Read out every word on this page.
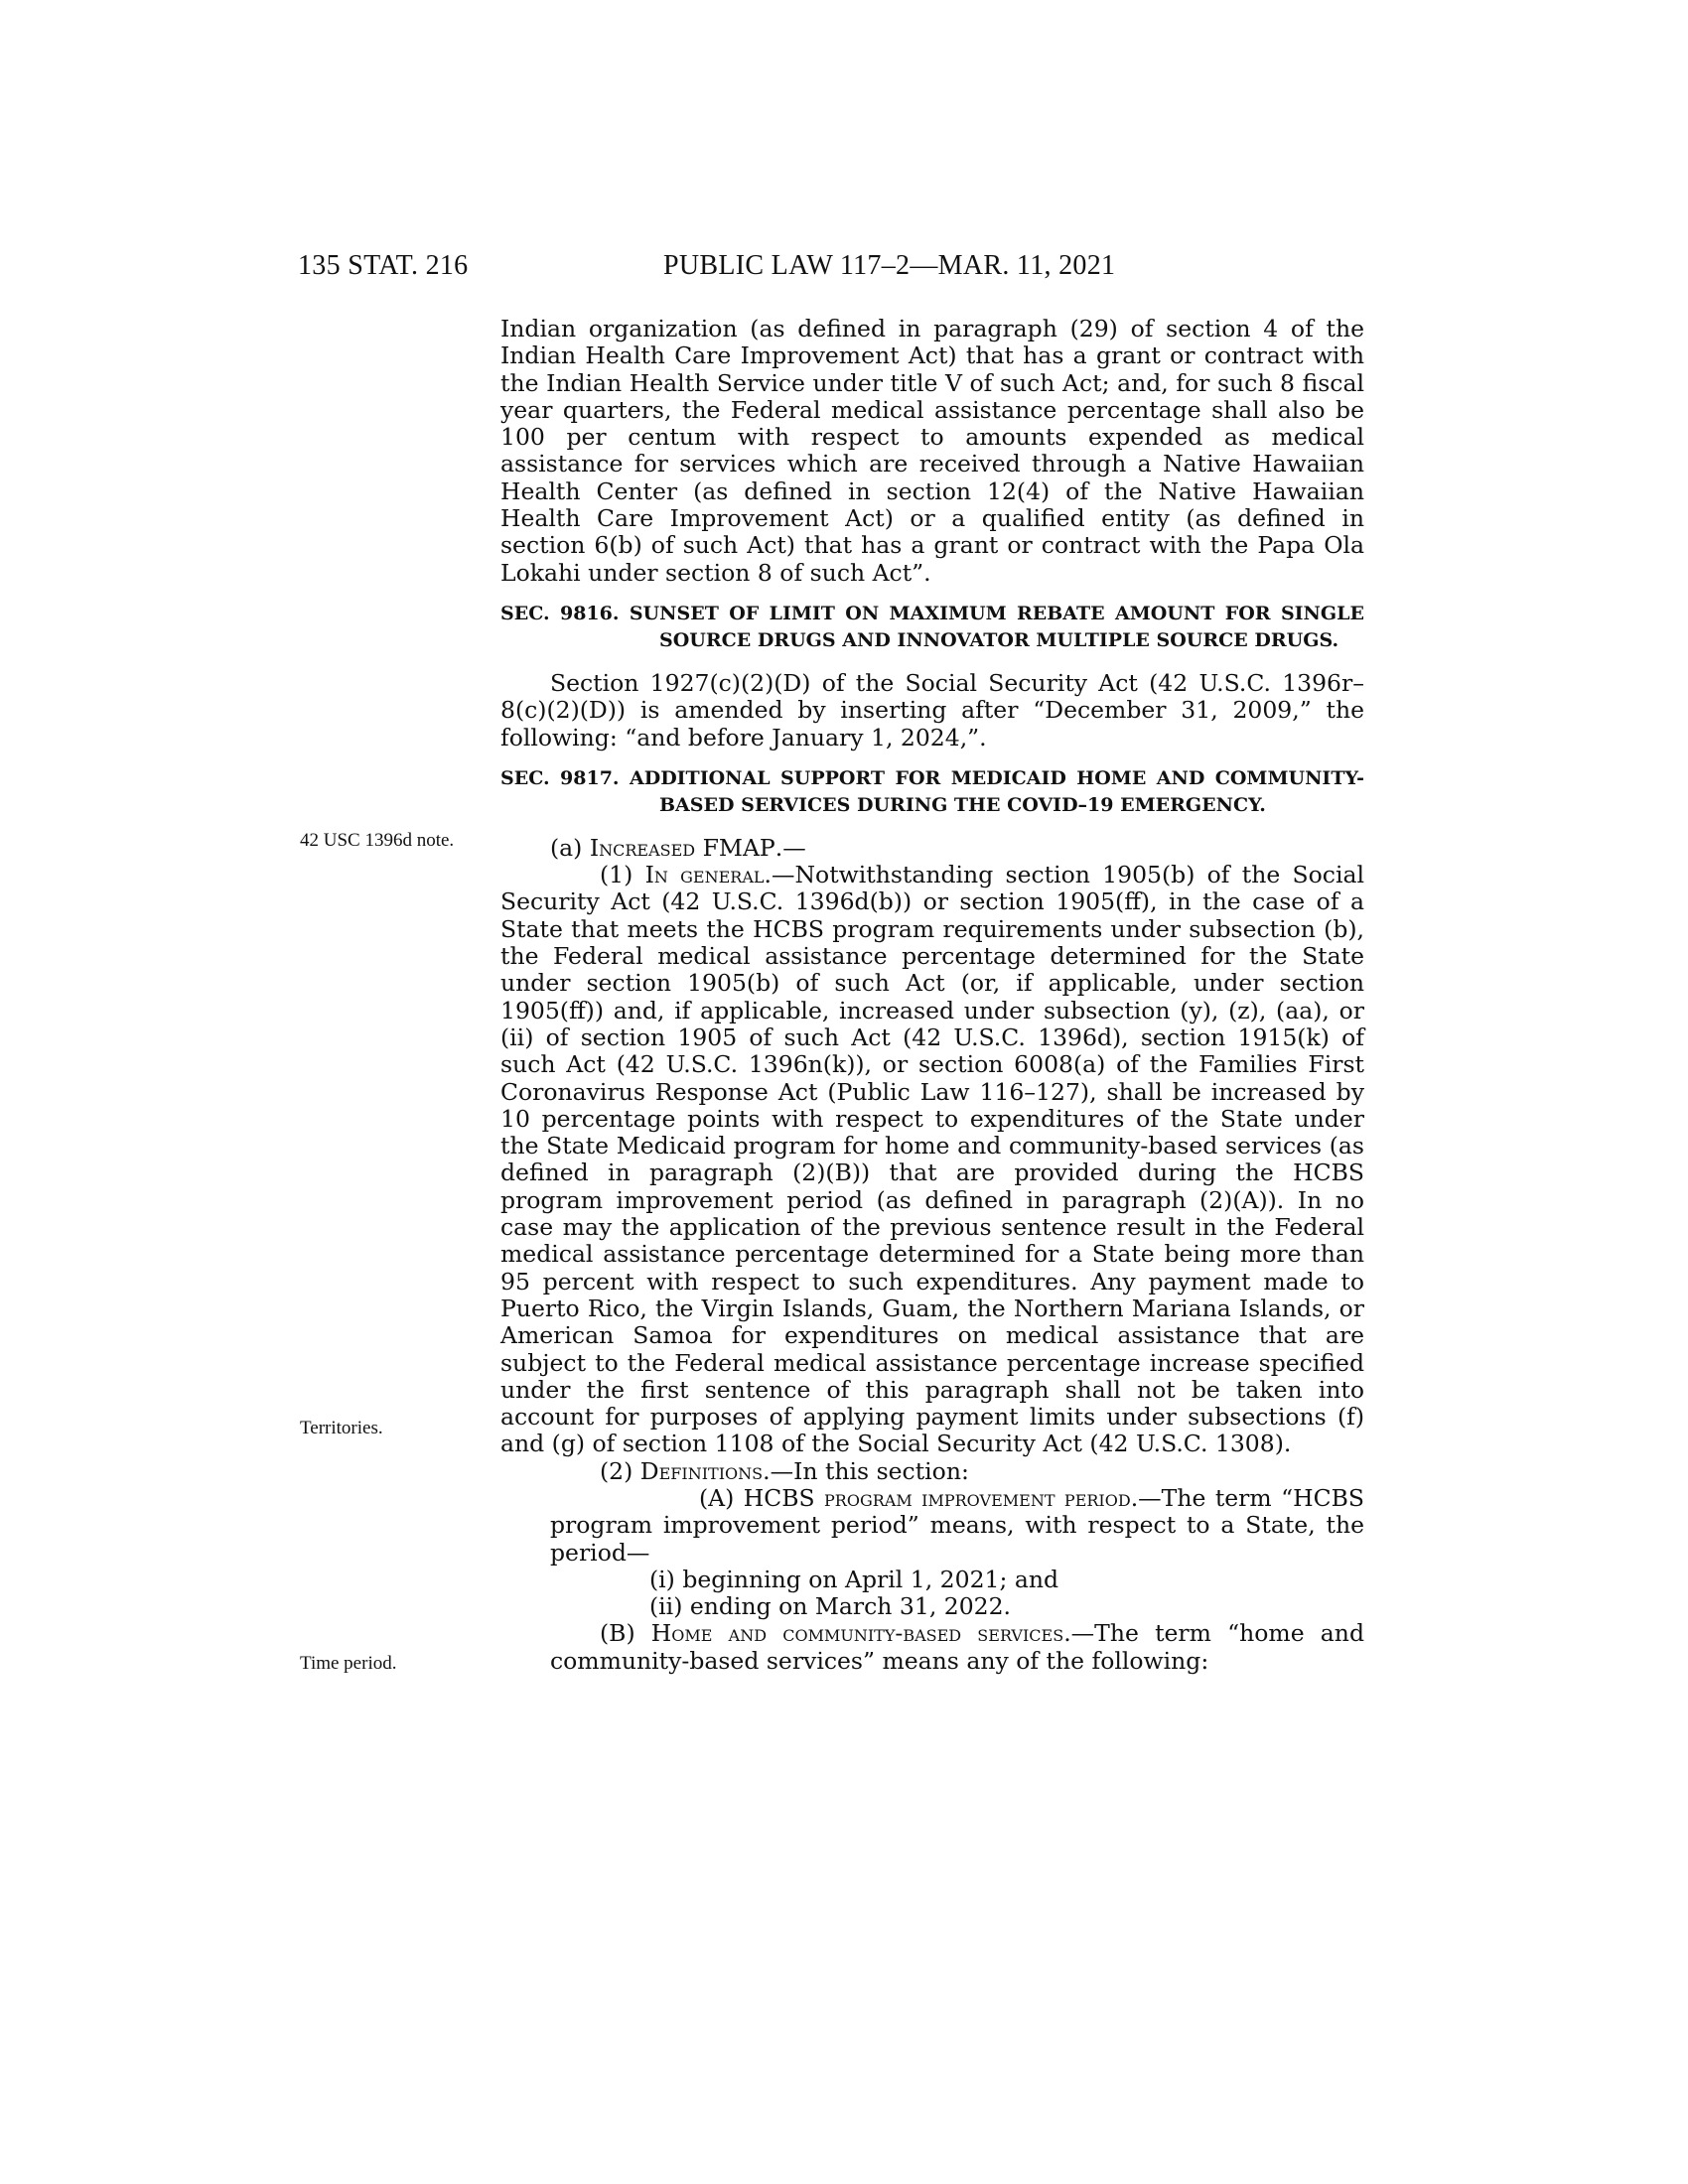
135 STAT. 216	PUBLIC LAW 117–2—MAR. 11, 2021
42 USC 1396d note.
Territories.
Time period.

Indian organization (as defined in paragraph (29) of section 4 of the Indian Health Care Improvement Act) that has a grant or contract with the Indian Health Service under title V of such Act; and, for such 8 fiscal year quarters, the Federal medical assistance percentage shall also be 100 per centum with respect to amounts expended as medical assistance for services which are received through a Native Hawaiian Health Center (as defined in section 12(4) of the Native Hawaiian Health Care Improvement Act) or a qualified entity (as defined in section 6(b) of such Act) that has a grant or contract with the Papa Ola Lokahi under section 8 of such Act”.

SEC. 9816. SUNSET OF LIMIT ON MAXIMUM REBATE AMOUNT FOR SINGLE SOURCE DRUGS AND INNOVATOR MULTIPLE SOURCE DRUGS.

Section 1927(c)(2)(D) of the Social Security Act (42 U.S.C. 1396r–8(c)(2)(D)) is amended by inserting after “December 31, 2009,” the following: “and before January 1, 2024,”.

SEC. 9817. ADDITIONAL SUPPORT FOR MEDICAID HOME AND COMMUNITY-BASED SERVICES DURING THE COVID–19 EMERGENCY.

(a) Increased FMAP.—

(1) In general.—Notwithstanding section 1905(b) of the Social Security Act (42 U.S.C. 1396d(b)) or section 1905(ff), in the case of a State that meets the HCBS program requirements under subsection (b), the Federal medical assistance percentage determined for the State under section 1905(b) of such Act (or, if applicable, under section 1905(ff)) and, if applicable, increased under subsection (y), (z), (aa), or (ii) of section 1905 of such Act (42 U.S.C. 1396d), section 1915(k) of such Act (42 U.S.C. 1396n(k)), or section 6008(a) of the Families First Coronavirus Response Act (Public Law 116–127), shall be increased by 10 percentage points with respect to expenditures of the State under the State Medicaid program for home and community-based services (as defined in paragraph (2)(B)) that are provided during the HCBS program improvement period (as defined in paragraph (2)(A)). In no case may the application of the previous sentence result in the Federal medical assistance percentage determined for a State being more than 95 percent with respect to such expenditures. Any payment made to Puerto Rico, the Virgin Islands, Guam, the Northern Mariana Islands, or American Samoa for expenditures on medical assistance that are subject to the Federal medical assistance percentage increase specified under the first sentence of this paragraph shall not be taken into account for purposes of applying payment limits under subsections (f) and (g) of section 1108 of the Social Security Act (42 U.S.C. 1308).

(2) Definitions.—In this section:

(A) HCBS program improvement period.—The term “HCBS program improvement period” means, with respect to a State, the period—

(i) beginning on April 1, 2021; and

(ii) ending on March 31, 2022.

(B) Home and community-based services.—The term “home and community-based services” means any of the following:
